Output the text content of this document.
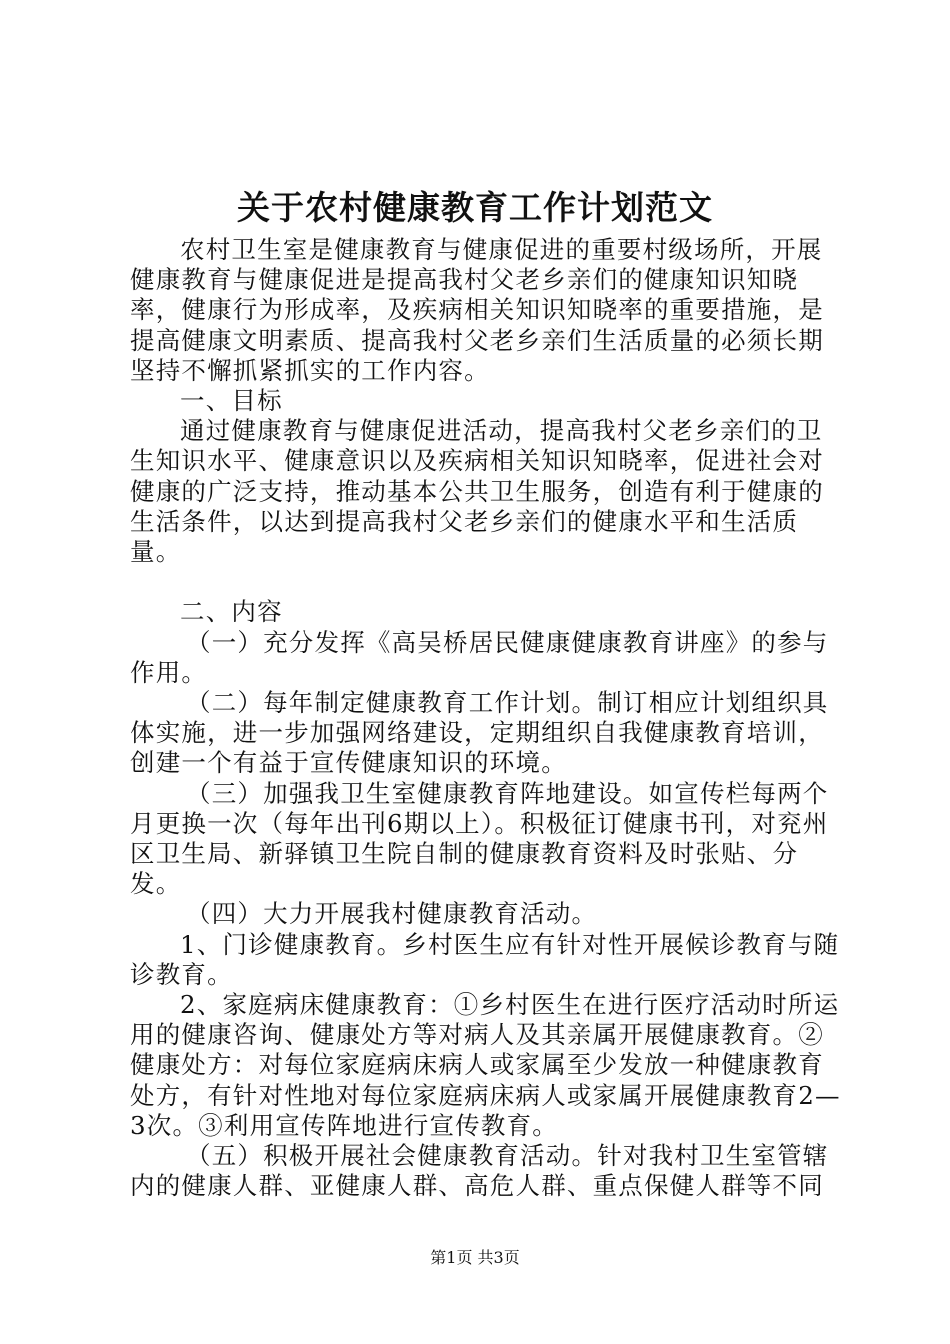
关于农村健康教育工作计划范文

农村卫生室是健康教育与健康促进的重要村级场所，开展健康教育与健康促进是提高我村父老乡亲们的健康知识知晓率，健康行为形成率，及疾病相关知识知晓率的重要措施，是提高健康文明素质、提高我村父老乡亲们生活质量的必须长期坚持不懈抓紧抓实的工作内容。

一、目标

通过健康教育与健康促进活动，提高我村父老乡亲们的卫生知识水平、健康意识以及疾病相关知识知晓率，促进社会对健康的广泛支持，推动基本公共卫生服务，创造有利于健康的生活条件，以达到提高我村父老乡亲们的健康水平和生活质量。

二、内容

（一）充分发挥《高吴桥居民健康健康教育讲座》的参与作用。

（二）每年制定健康教育工作计划。制订相应计划组织具体实施，进一步加强网络建设，定期组织自我健康教育培训，创建一个有益于宣传健康知识的环境。

（三）加强我卫生室健康教育阵地建设。如宣传栏每两个月更换一次（每年出刊6期以上）。积极征订健康书刊，对兖州区卫生局、新驿镇卫生院自制的健康教育资料及时张贴、分发。

（四）大力开展我村健康教育活动。

1、门诊健康教育。乡村医生应有针对性开展候诊教育与随诊教育。

2、家庭病床健康教育：①乡村医生在进行医疗活动时所运用的健康咨询、健康处方等对病人及其亲属开展健康教育。②健康处方：对每位家庭病床病人或家属至少发放一种健康教育处方，有针对性地对每位家庭病床病人或家属开展健康教育2—3次。③利用宣传阵地进行宣传教育。

（五）积极开展社会健康教育活动。针对我村卫生室管辖内的健康人群、亚健康人群、高危人群、重点保健人群等不同

第1页 共3页
